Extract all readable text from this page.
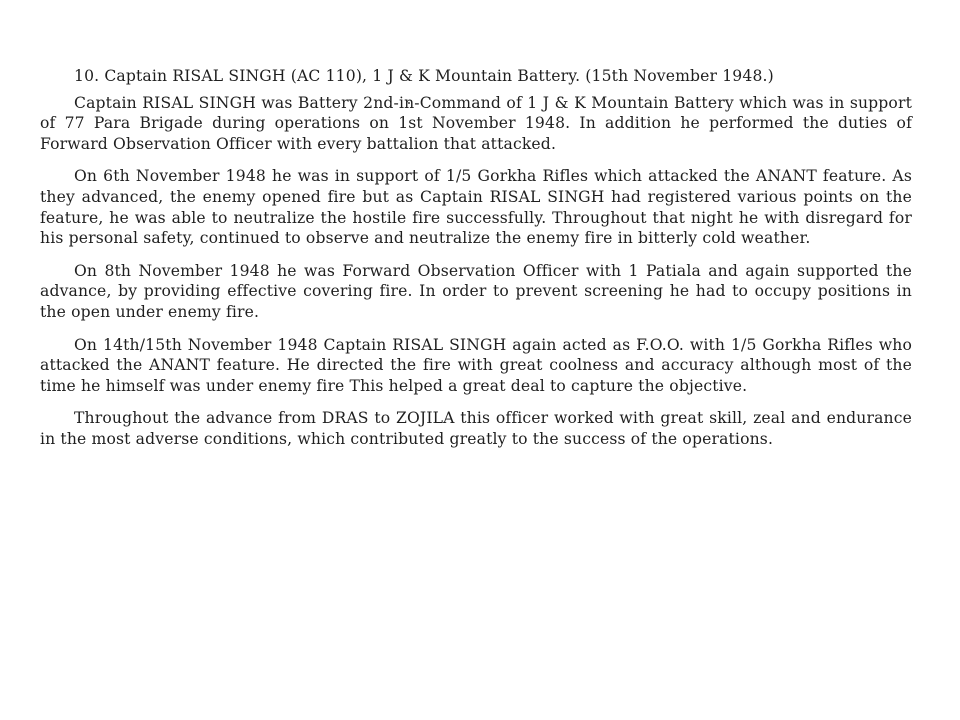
10. Captain RISAL SINGH (AC 110), 1 J & K Mountain Battery. (15th November 1948.)

Captain RISAL SINGH was Battery 2nd-in-Command of 1 J & K Mountain Battery which was in support of 77 Para Brigade during operations on 1st November 1948. In addition he performed the duties of Forward Observation Officer with every battalion that attacked.

On 6th November 1948 he was in support of 1/5 Gorkha Rifles which attacked the ANANT feature. As they advanced, the enemy opened fire but as Captain RISAL SINGH had registered various points on the feature, he was able to neutralize the hostile fire successfully. Throughout that night he with disregard for his personal safety, continued to observe and neutralize the enemy fire in bitterly cold weather.

On 8th November 1948 he was Forward Observation Officer with 1 Patiala and again supported the advance, by providing effective covering fire. In order to prevent screening he had to occupy positions in the open under enemy fire.

On 14th/15th November 1948 Captain RISAL SINGH again acted as F.O.O. with 1/5 Gorkha Rifles who attacked the ANANT feature. He directed the fire with great coolness and accuracy although most of the time he himself was under enemy fire This helped a great deal to capture the objective.

Throughout the advance from DRAS to ZOJILA this officer worked with great skill, zeal and endurance in the most adverse conditions, which contributed greatly to the success of the operations.
